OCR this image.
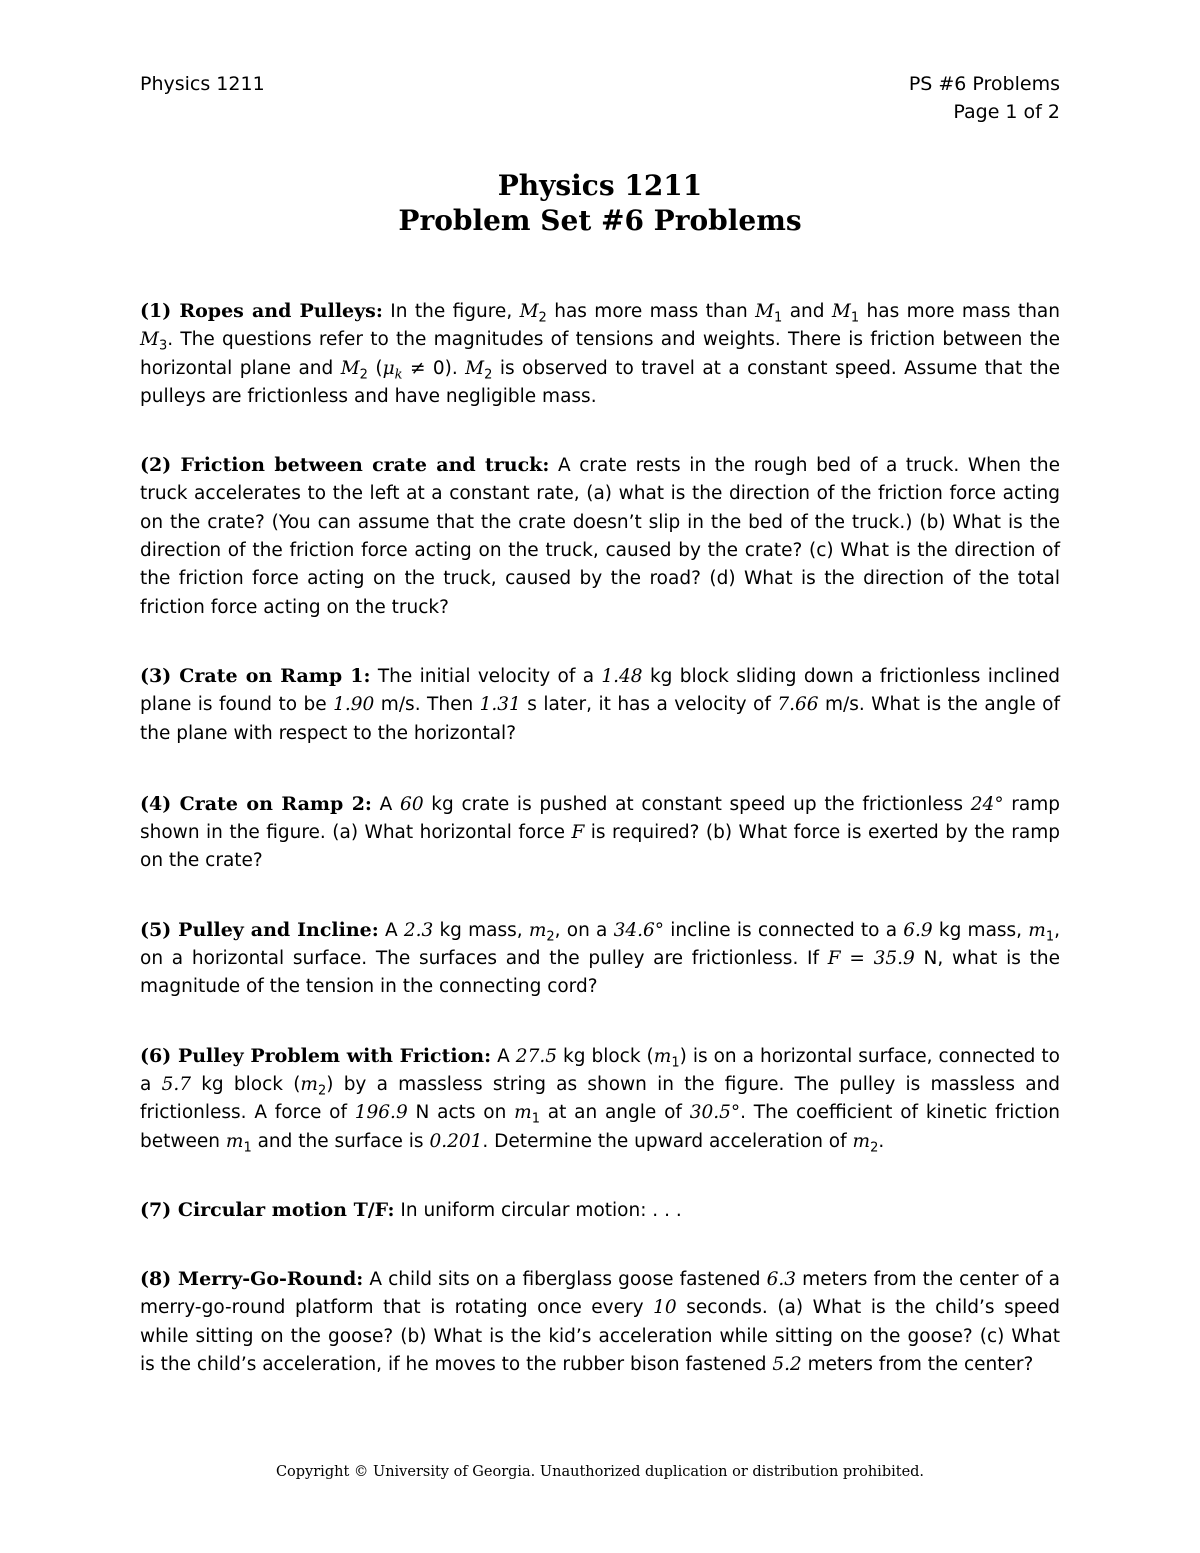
Physics 1211	PS #6 Problems
Page 1 of 2
Physics 1211
Problem Set #6 Problems

(1) Ropes and Pulleys: In the figure, $M_2$ has more mass than $M_1$ and $M_1$ has more mass than $M_3$. The questions refer to the magnitudes of tensions and weights. There is friction between the horizontal plane and $M_2$ $(\mu_k \ne 0)$. $M_2$ is observed to travel at a constant speed. Assume that the pulleys are frictionless and have negligible mass.

(2) Friction between crate and truck: A crate rests in the rough bed of a truck. When the truck accelerates to the left at a constant rate, (a) what is the direction of the friction force acting on the crate? (You can assume that the crate doesn’t slip in the bed of the truck.) (b) What is the direction of the friction force acting on the truck, caused by the crate? (c) What is the direction of the friction force acting on the truck, caused by the road? (d) What is the direction of the total friction force acting on the truck?

(3) Crate on Ramp 1: The initial velocity of a 1.48 kg block sliding down a frictionless inclined plane is found to be 1.90 m/s. Then 1.31 s later, it has a velocity of 7.66 m/s. What is the angle of the plane with respect to the horizontal?

(4) Crate on Ramp 2: A 60 kg crate is pushed at constant speed up the frictionless 24° ramp shown in the figure. (a) What horizontal force F is required? (b) What force is exerted by the ramp on the crate?

(5) Pulley and Incline: A 2.3 kg mass, $m_2$, on a 34.6° incline is connected to a 6.9 kg mass, $m_1$, on a horizontal surface. The surfaces and the pulley are frictionless. If F = 35.9 N, what is the magnitude of the tension in the connecting cord?

(6) Pulley Problem with Friction: A 27.5 kg block $(m_1)$ is on a horizontal surface, connected to a 5.7 kg block $(m_2)$ by a massless string as shown in the figure. The pulley is massless and frictionless. A force of 196.9 N acts on $m_1$ at an angle of 30.5°. The coefficient of kinetic friction between $m_1$ and the surface is 0.201. Determine the upward acceleration of $m_2$.

(7) Circular motion T/F: In uniform circular motion: . . .

(8) Merry-Go-Round: A child sits on a fiberglass goose fastened 6.3 meters from the center of a merry-go-round platform that is rotating once every 10 seconds. (a) What is the child’s speed while sitting on the goose? (b) What is the kid’s acceleration while sitting on the goose? (c) What is the child’s acceleration, if he moves to the rubber bison fastened 5.2 meters from the center?

Copyright © University of Georgia. Unauthorized duplication or distribution prohibited.
